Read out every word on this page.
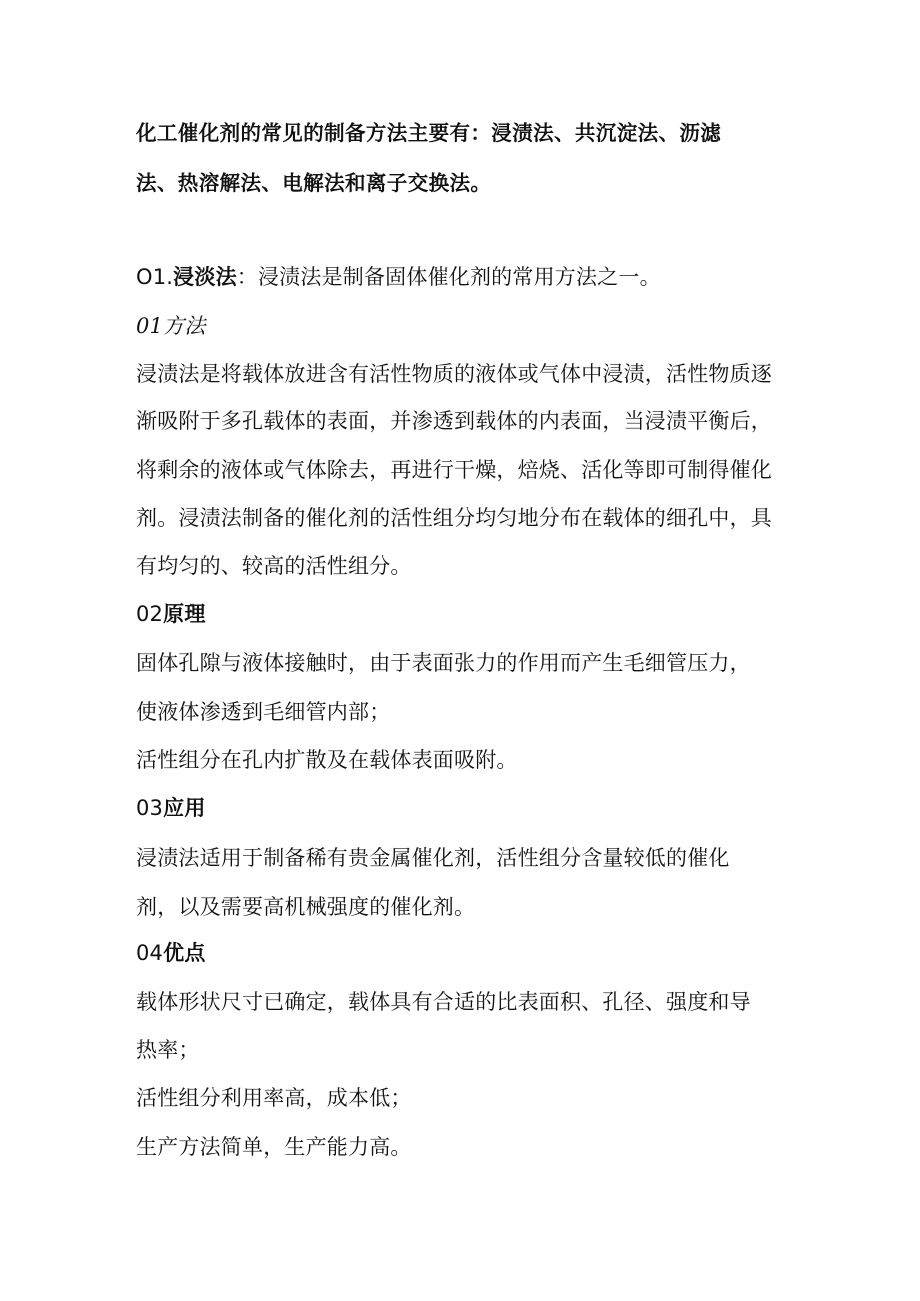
化工催化剂的常见的制备方法主要有：浸渍法、共沉淀法、沥滤
法、热溶解法、电解法和离子交换法。
O1.浸淡法：浸渍法是制备固体催化剂的常用方法之一。
01方法
浸渍法是将载体放进含有活性物质的液体或气体中浸渍，活性物质逐
渐吸附于多孔载体的表面，并渗透到载体的内表面，当浸渍平衡后，
将剩余的液体或气体除去，再进行干燥，焙烧、活化等即可制得催化
剂。浸渍法制备的催化剂的活性组分均匀地分布在载体的细孔中，具
有均匀的、较高的活性组分。
02原理
固体孔隙与液体接触时，由于表面张力的作用而产生毛细管压力，
使液体渗透到毛细管内部；
活性组分在孔内扩散及在载体表面吸附。
03应用
浸渍法适用于制备稀有贵金属催化剂，活性组分含量较低的催化
剂，以及需要高机械强度的催化剂。
04优点
载体形状尺寸已确定，载体具有合适的比表面积、孔径、强度和导
热率；
活性组分利用率高，成本低；
生产方法简单，生产能力高。
